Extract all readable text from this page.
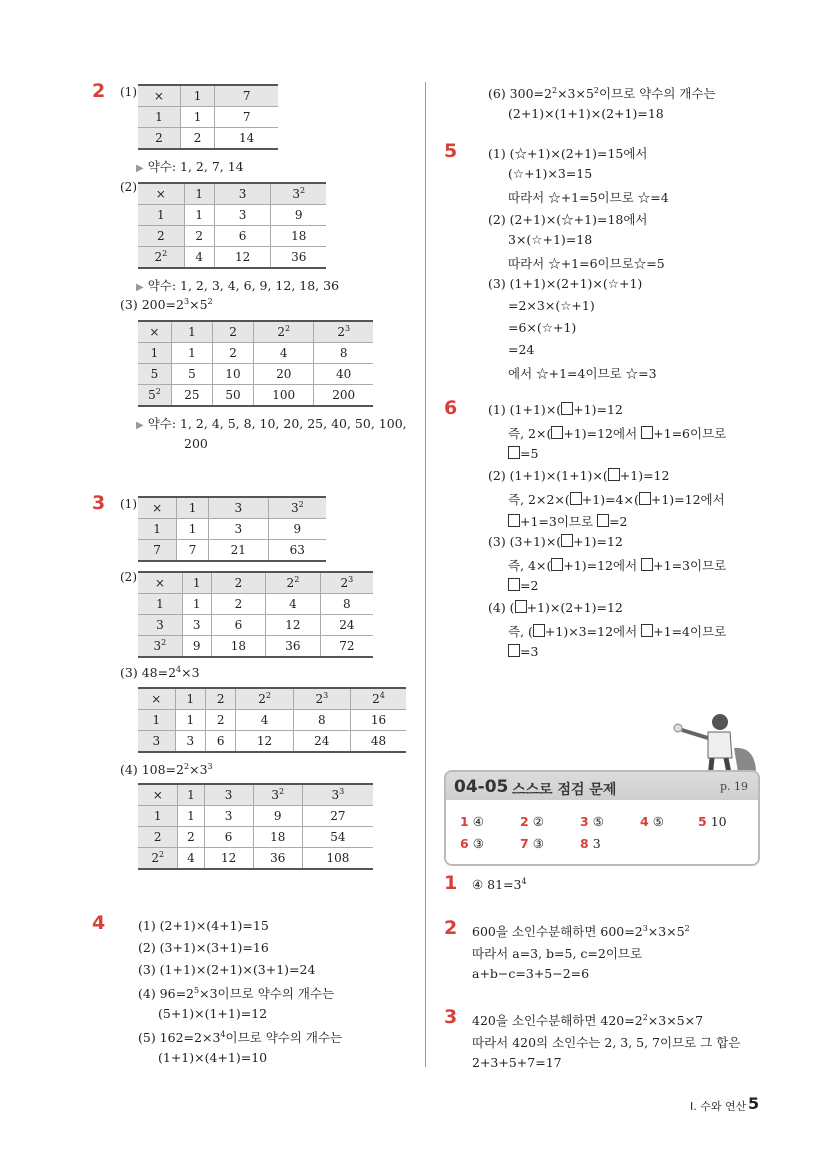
2 (1) ×	1	7
1	1	7
2	2	14
▶ 약수: 1, 2, 7, 14
(2) ×	1	3	$3^2$
1	1	3	9
2	2	6	18
$2^2$	4	12	36
▶ 약수: 1, 2, 3, 4, 6, 9, 12, 18, 36
(3) $200=2^3\times 5^2$
×	1	2	$2^2$	$2^3$
1	1	2	4	8
5	5	10	20	40
$5^2$	25	50	100	200
▶ 약수: 1, 2, 4, 5, 8, 10, 20, 25, 40, 50, 100,
200
3 (1) ×	1	3	$3^2$
1	1	3	9
7	7	21	63
(2) ×	1	2	$2^2$	$2^3$
1	1	2	4	8
3	3	6	12	24
$3^2$	9	18	36	72
(3) $48=2^4\times 3$
×	1	2	$2^2$	$2^3$	$2^4$
1	1	2	4	8	16
3	3	6	12	24	48
(4) $108=2^2\times 3^3$
×	1	3	$3^2$	$3^3$
1	1	3	9	27
2	2	6	18	54
$2^2$	4	12	36	108
4	(1) (2+1)×(4+1)=15
(2) (3+1)×(3+1)=16
(3) (1+1)×(2+1)×(3+1)=24
(4) $96=2^5\times 3$이므로 약수의 개수는
(5+1)×(1+1)=12
(5) $162=2\times 3^4$이므로 약수의 개수는
(1+1)×(4+1)=10
(6) $300=2^2\times 3\times 5^2$이므로 약수의 개수는
(2+1)×(1+1)×(2+1)=18
5 (1) (☆+1)×(2+1)=15에서
(☆+1)×3=15
따라서 ☆+1=5이므로 ☆=4
(2) (2+1)×(☆+1)=18에서
3×(☆+1)=18
따라서 ☆+1=6이므로☆=5
(3) (1+1)×(2+1)×(☆+1)
=2×3×(☆+1)
=6×(☆+1)
=24
에서 ☆+1=4이므로 ☆=3
6 (1) (1+1)×( +1)=12
즉, 2×( +1)=12에서 +1=6이므로
=5
(2) (1+1)×(1+1)×( +1)=12
즉, 2×2×( +1)=4×( +1)=12에서
+1=3이므로 =2
(3) (3+1)×( +1)=12
즉, 4×( +1)=12에서 +1=3이므로
=2
(4) ( +1)×(2+1)=12
즉, ( +1)×3=12에서 +1=4이므로
=3
04-05 스스로 점검 문제	p. 19
1 ④	2 ②	3 ⑤	4 ⑤	5 10
6 ③	7 ③	8 3
1 ④ $81=3^4$
2 600을 소인수분해하면 $600=2^3\times 3\times 5^2$
따라서 a=3, b=5, c=2이므로
a+b−c=3+5−2=6
3 420을 소인수분해하면 $420=2^2\times 3\times 5\times 7$
따라서 420의 소인수는 2, 3, 5, 7이므로 그 합은
2+3+5+7=17
I. 수와 연산 5
